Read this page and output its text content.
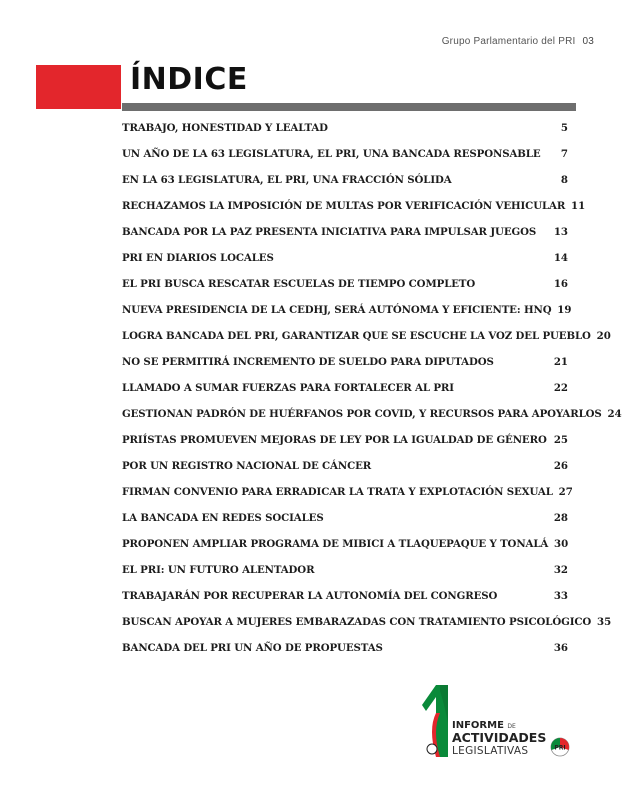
Grupo Parlamentario del PRI 03
ÍNDICE
TRABAJO, HONESTIDAD Y LEALTAD	5
UN AÑO DE LA 63 LEGISLATURA, EL PRI, UNA BANCADA RESPONSABLE	7
EN LA 63 LEGISLATURA, EL PRI, UNA FRACCIÓN SÓLIDA	8
RECHAZAMOS LA IMPOSICIÓN DE MULTAS POR VERIFICACIÓN VEHICULAR 11
BANCADA POR LA PAZ PRESENTA INICIATIVA PARA IMPULSAR JUEGOS	13
PRI EN DIARIOS LOCALES	14
EL PRI BUSCA RESCATAR ESCUELAS DE TIEMPO COMPLETO	16
NUEVA PRESIDENCIA DE LA CEDHJ, SERÁ AUTÓNOMA Y EFICIENTE: HNQ 19
LOGRA BANCADA DEL PRI, GARANTIZAR QUE SE ESCUCHE LA VOZ DEL PUEBLO 20
NO SE PERMITIRÁ INCREMENTO DE SUELDO PARA DIPUTADOS	21
LLAMADO A SUMAR FUERZAS PARA FORTALECER AL PRI	22
GESTIONAN PADRÓN DE HUÉRFANOS POR COVID, Y RECURSOS PARA APOYARLOS 24
PRIÍSTAS PROMUEVEN MEJORAS DE LEY POR LA IGUALDAD DE GÉNERO 25
POR UN REGISTRO NACIONAL DE CÁNCER	26
FIRMAN CONVENIO PARA ERRADICAR LA TRATA Y EXPLOTACIÓN SEXUAL 27
LA BANCADA EN REDES SOCIALES	28
PROPONEN AMPLIAR PROGRAMA DE MIBICI A TLAQUEPAQUE Y TONALÁ 30
EL PRI: UN FUTURO ALENTADOR	32
TRABAJARÁN POR RECUPERAR LA AUTONOMÍA DEL CONGRESO	33
BUSCAN APOYAR A MUJERES EMBARAZADAS CON TRATAMIENTO PSICOLÓGICO 35
BANCADA DEL PRI UN AÑO DE PROPUESTAS	36
INFORME DE
ACTIVIDADES
LEGISLATIVAS	PRI
